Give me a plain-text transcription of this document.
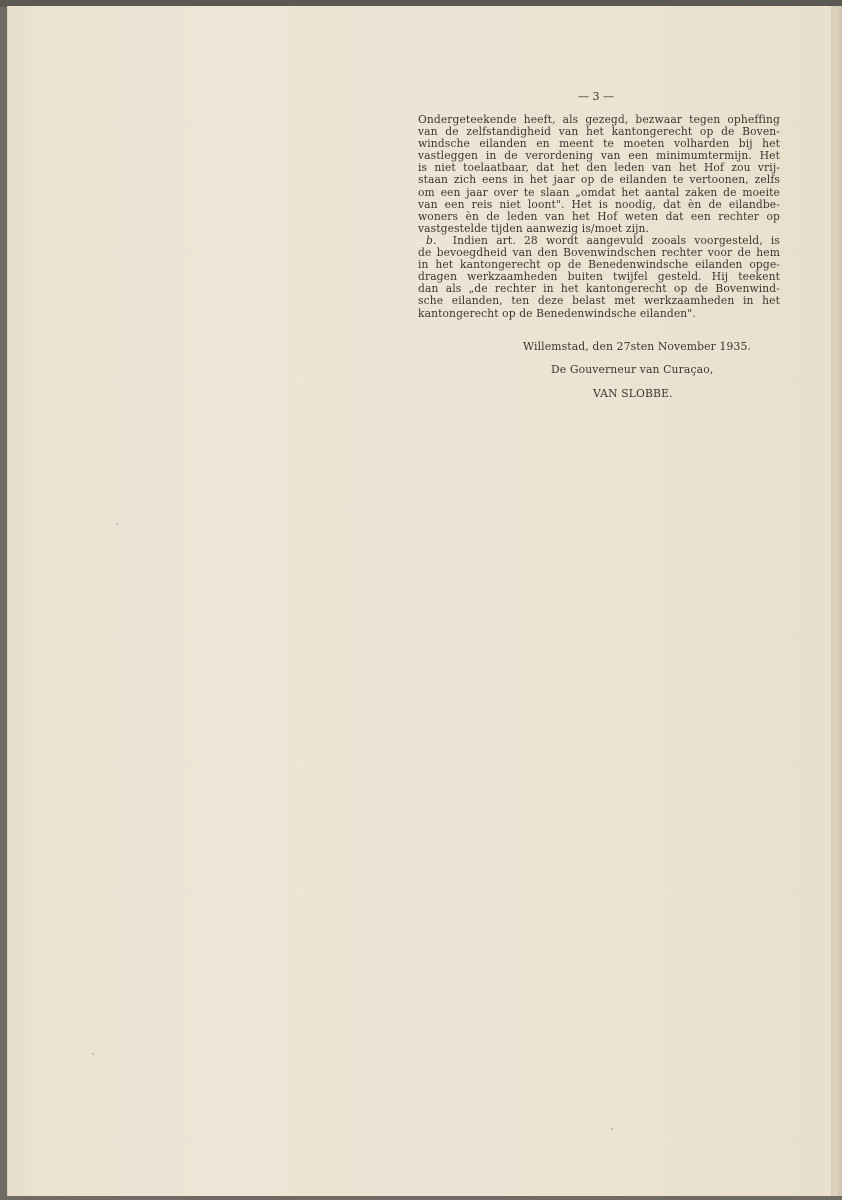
— 3 —
Ondergeteekende heeft, als gezegd, bezwaar tegen opheffing
van de zelfstandigheid van het kantongerecht op de Boven-
windsche eilanden en meent te moeten volharden bij het
vastleggen in de verordening van een minimumtermijn. Het
is niet toelaatbaar, dat het den leden van het Hof zou vrij-
staan zich eens in het jaar op de eilanden te vertoonen, zelfs
om een jaar over te slaan „omdat het aantal zaken de moeite
van een reis niet loont". Het is noodig, dat èn de eilandbe-
woners èn de leden van het Hof weten dat een rechter op
vastgestelde tijden aanwezig is/moet zijn.
b. Indien art. 28 wordt aangevuld zooals voorgesteld, is
de bevoegdheid van den Bovenwindschen rechter voor de hem
in het kantongerecht op de Benedenwindsche eilanden opge-
dragen werkzaamheden buiten twijfel gesteld. Hij teekent
dan als „de rechter in het kantongerecht op de Bovenwind-
sche eilanden, ten deze belast met werkzaamheden in het
kantongerecht op de Benedenwindsche eilanden".
Willemstad, den 27sten November 1935.
De Gouverneur van Curaçao,
VAN SLOBBE.
